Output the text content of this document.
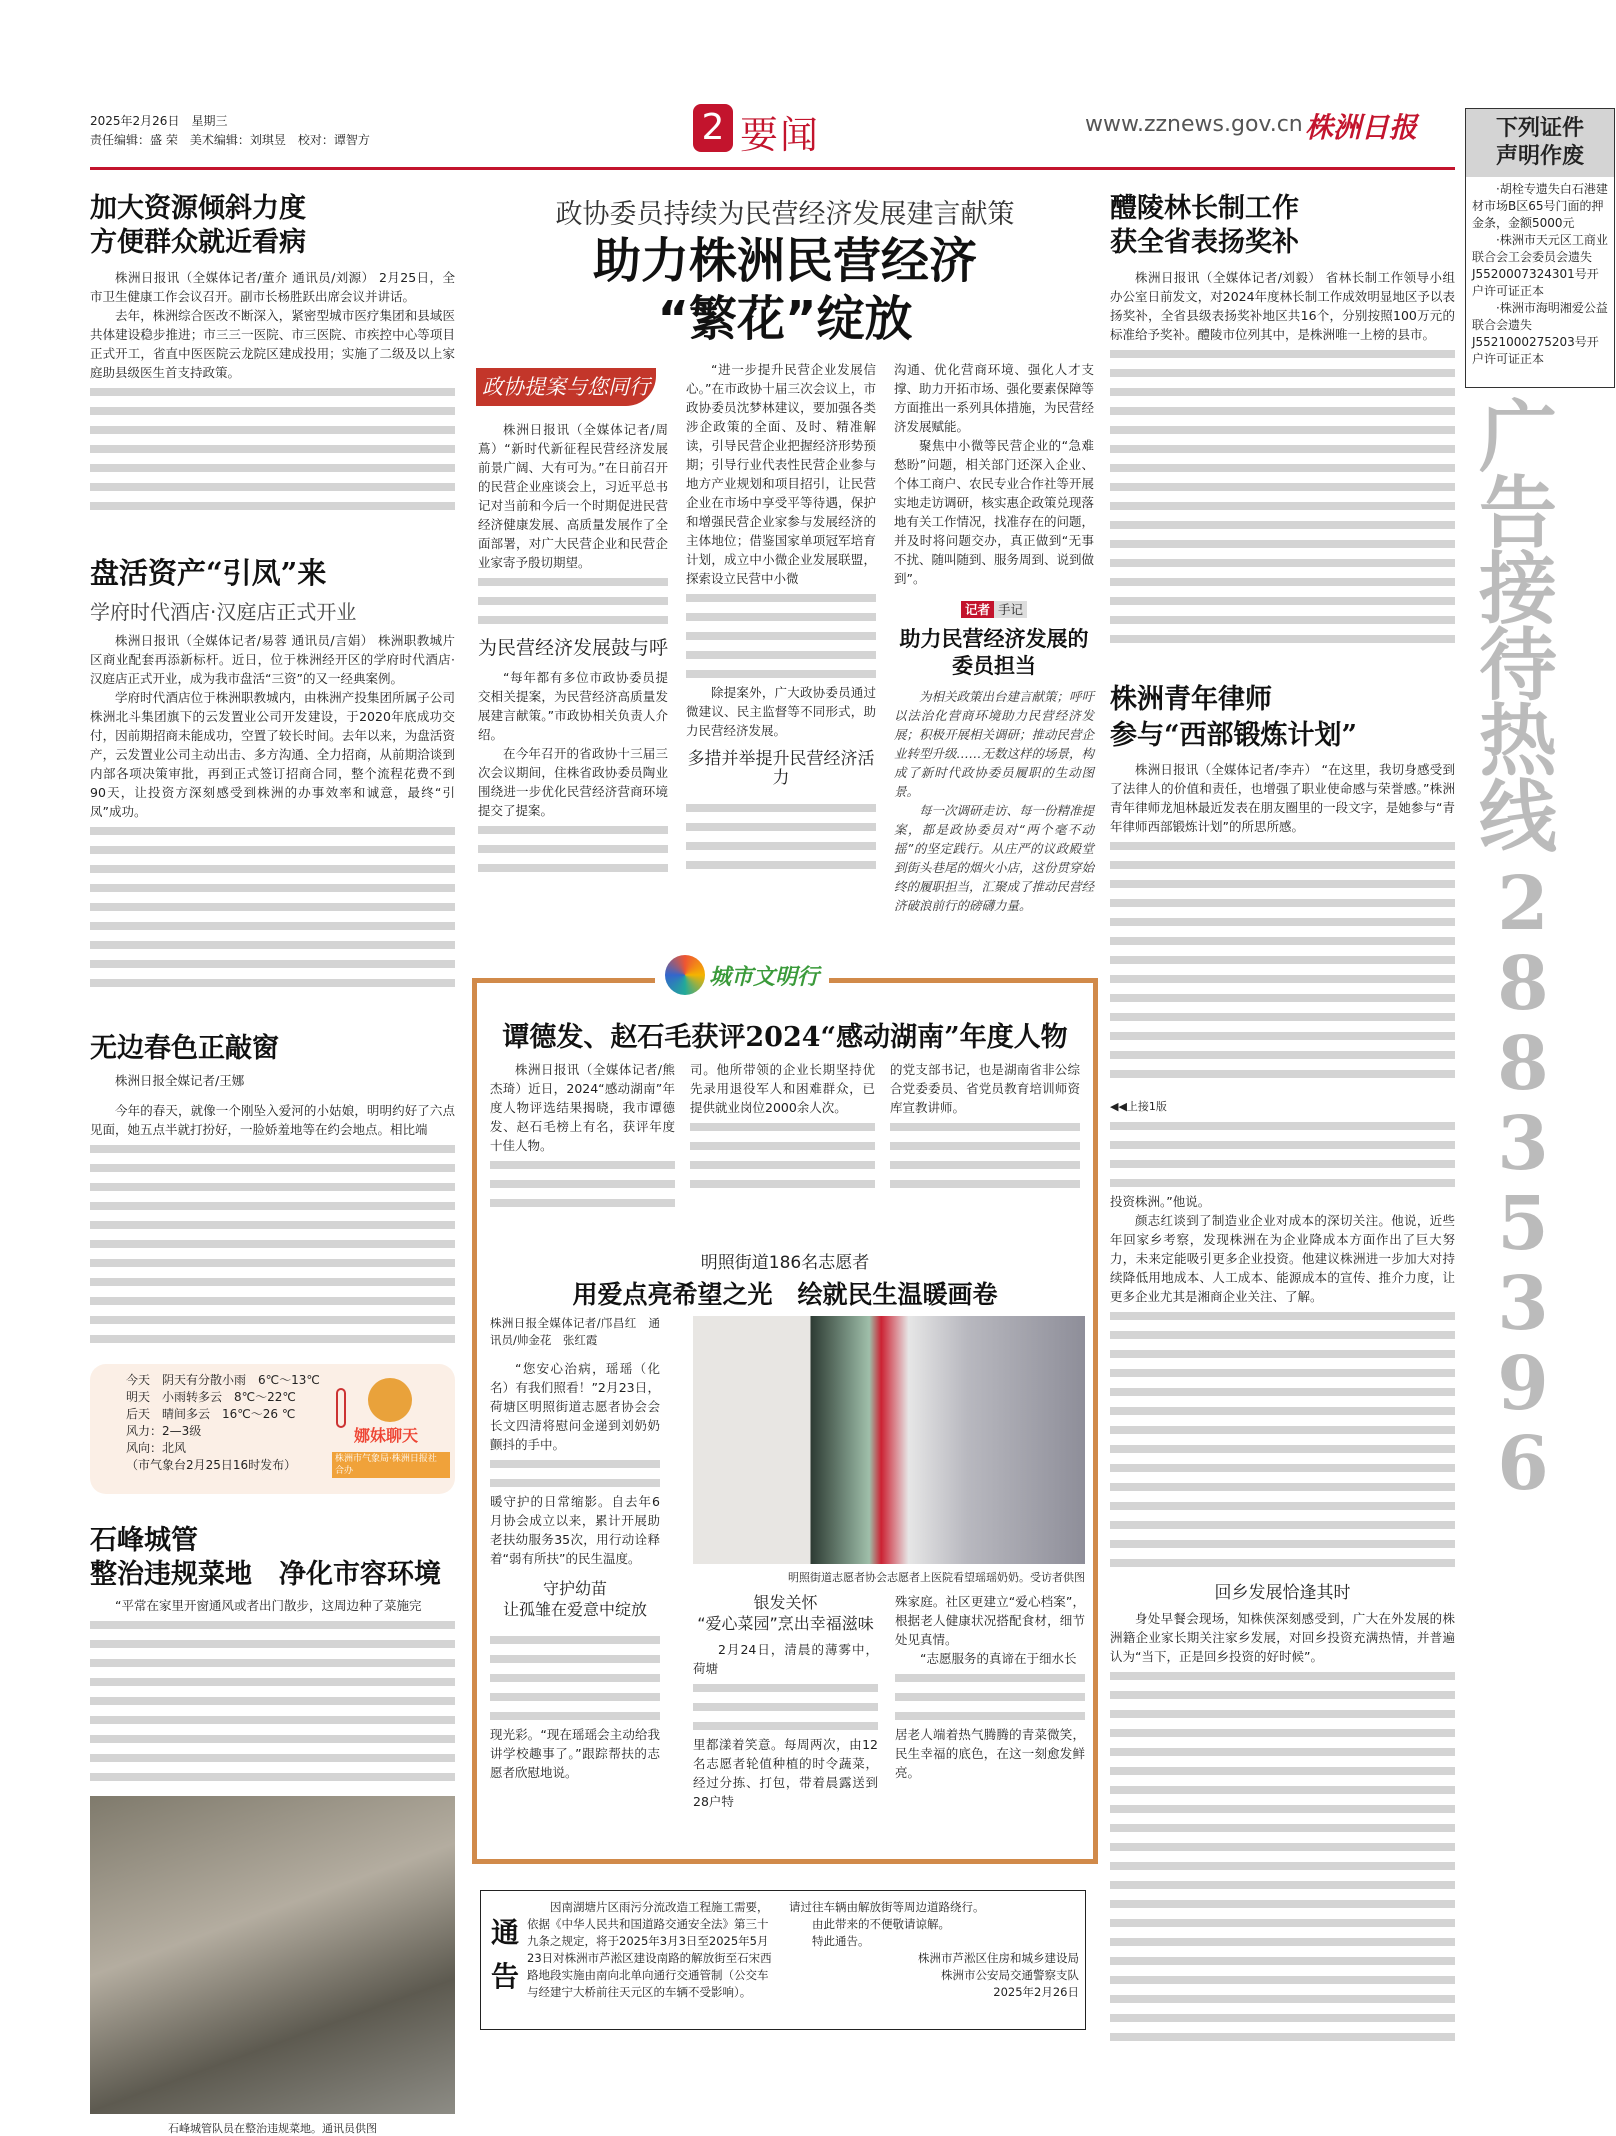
2025年2月26日　星期三
责任编辑：盛 荣　美术编辑：刘琪昱　校对：谭智方	2 要闻	www.zznews.gov.cn 株洲日报	下列证件
声明作废
·胡栓专遗失白石港建材市场B区65号门面的押金条，金额5000元
·株洲市天元区工商业联合会工会委员会遗失J5520007324301号开户许可证正本
·株洲市海明湘爱公益联合会遗失J5521000275203号开户许可证正本
广告接待热线
28835396
加大资源倾斜力度
方便群众就近看病

株洲日报讯（全媒体记者/董介 通讯员/刘源） 2月25日，全市卫生健康工作会议召开。副市长杨胜跃出席会议并讲话。

去年，株洲综合医改不断深入，紧密型城市医疗集团和县域医共体建设稳步推进；市三三一医院、市三医院、市疾控中心等项目正式开工，省直中医医院云龙院区建成投用；实施了二级及以上家庭助县级医生首支持政策。

盘活资产“引凤”来
学府时代酒店·汉庭店正式开业

株洲日报讯（全媒体记者/易蓉 通讯员/言娟） 株洲职教城片区商业配套再添新标杆。近日，位于株洲经开区的学府时代酒店·汉庭店正式开业，成为我市盘活“三资”的又一经典案例。

学府时代酒店位于株洲职教城内，由株洲产投集团所属子公司株洲北斗集团旗下的云发置业公司开发建设，于2020年底成功交付，因前期招商未能成功，空置了较长时间。去年以来，为盘活资产，云发置业公司主动出击、多方沟通、全力招商，从前期洽谈到内部各项决策审批，再到正式签订招商合同，整个流程花费不到90天，让投资方深刻感受到株洲的办事效率和诚意，最终“引凤”成功。

无边春色正敲窗
株洲日报全媒记者/王娜

今年的春天，就像一个刚坠入爱河的小姑娘，明明约好了六点见面，她五点半就打扮好，一脸娇羞地等在约会地点。相比端

今天　阴天有分散小雨　6℃～13℃
明天　小雨转多云　8℃～22℃
后天　晴间多云　16℃～26 ℃
风力：2—3级
风向：北风
（市气象台2月25日16时发布）
娜妹聊天
株洲市气象局·株洲日报社 合办
石峰城管
整治违规菜地　净化市容环境

“平常在家里开窗通风或者出门散步，这周边种了菜施完

石峰城管队员在整治违规菜地。通讯员供图
政协委员持续为民营经济发展建言献策
助力株洲民营经济
“繁花”绽放
政协提案与您同行

株洲日报讯（全媒体记者/周蔦）“新时代新征程民营经济发展前景广阔、大有可为。”在日前召开的民营企业座谈会上，习近平总书记对当前和今后一个时期促进民营经济健康发展、高质量发展作了全面部署，对广大民营企业和民营企业家寄予殷切期望。

为民营经济发展鼓与呼

“每年都有多位市政协委员提交相关提案，为民营经济高质量发展建言献策。”市政协相关负责人介绍。

在今年召开的省政协十三届三次会议期间，住株省政协委员陶业围绕进一步优化民营经济营商环境提交了提案。

“进一步提升民营企业发展信心。”在市政协十届三次会议上，市政协委员沈梦林建议，要加强各类涉企政策的全面、及时、精准解读，引导民营企业把握经济形势预期；引导行业代表性民营企业参与地方产业规划和项目招引，让民营企业在市场中享受平等待遇，保护和增强民营企业家参与发展经济的主体地位；借鉴国家单项冠军培育计划，成立中小微企业发展联盟，探索设立民营中小微

除提案外，广大政协委员通过微建议、民主监督等不同形式，助力民营经济发展。

多措并举提升民营经济活力

沟通、优化营商环境、强化人才支撑、助力开拓市场、强化要素保障等方面推出一系列具体措施，为民营经济发展赋能。

聚焦中小微等民营企业的“急难愁盼”问题，相关部门还深入企业、个体工商户、农民专业合作社等开展实地走访调研，核实惠企政策兑现落地有关工作情况，找准存在的问题，并及时将问题交办，真正做到“无事不扰、随叫随到、服务周到、说到做到”。

记者 手记
助力民营经济发展的委员担当

为相关政策出台建言献策；呼吁以法治化营商环境助力民营经济发展；积极开展相关调研；推动民营企业转型升级……无数这样的场景，构成了新时代政协委员履职的生动图景。

每一次调研走访、每一份精准提案，都是政协委员对“两个毫不动摇”的坚定践行。从庄严的议政殿堂到街头巷尾的烟火小店，这份贯穿始终的履职担当，汇聚成了推动民营经济破浪前行的磅礴力量。

城市文明行
谭德发、赵石毛获评2024“感动湖南”年度人物

株洲日报讯（全媒体记者/熊杰琦）近日，2024“感动湖南”年度人物评选结果揭晓，我市谭德发、赵石毛榜上有名，获评年度十佳人物。

司。他所带领的企业长期坚持优先录用退役军人和困难群众，已提供就业岗位2000余人次。

的党支部书记，也是湖南省非公综合党委委员、省党员教育培训师资库宣教讲师。

明照街道186名志愿者
用爱点亮希望之光　绘就民生温暖画卷
株洲日报全媒体记者/邝昌红　通讯员/帅金花　张红霞

“您安心治病，瑶瑶（化名）有我们照看！”2月23日，荷塘区明照街道志愿者协会会长文四清将慰问金递到刘奶奶颤抖的手中。

暖守护的日常缩影。自去年6月协会成立以来，累计开展助老扶幼服务35次，用行动诠释着“弱有所扶”的民生温度。

守护幼苗
让孤雏在爱意中绽放

现光彩。“现在瑶瑶会主动给我讲学校趣事了。”跟踪帮扶的志愿者欣慰地说。

明照街道志愿者协会志愿者上医院看望瑶瑶奶奶。受访者供图
银发关怀
“爱心菜园”烹出幸福滋味

2月24日，清晨的薄雾中，荷塘

里都漾着笑意。每周两次，由12名志愿者轮值种植的时令蔬菜，经过分拣、打包，带着晨露送到28户特

殊家庭。社区更建立“爱心档案”，根据老人健康状况搭配食材，细节处见真情。

“志愿服务的真谛在于细水长

居老人端着热气腾腾的青菜微笑，民生幸福的底色，在这一刻愈发鲜亮。

通
告
因南湖塘片区雨污分流改造工程施工需要，依据《中华人民共和国道路交通安全法》第三十九条之规定，将于2025年3月3日至2025年5月23日对株洲市芦淞区建设南路的解放街至石宋西路地段实施由南向北单向通行交通管制（公交车与经建宁大桥前往天元区的车辆不受影响）。
请过往车辆由解放街等周边道路绕行。
由此带来的不便敬请谅解。
特此通告。
株洲市芦淞区住房和城乡建设局
株洲市公安局交通警察支队
2025年2月26日
醴陵林长制工作
获全省表扬奖补

株洲日报讯（全媒体记者/刘毅） 省林长制工作领导小组办公室日前发文，对2024年度林长制工作成效明显地区予以表扬奖补，全省县级表扬奖补地区共16个，分别按照100万元的标准给予奖补。醴陵市位列其中，是株洲唯一上榜的县市。

株洲青年律师
参与“西部锻炼计划”

株洲日报讯（全媒体记者/李卉） “在这里，我切身感受到了法律人的价值和责任，也增强了职业使命感与荣誉感。”株洲青年律师龙旭林最近发表在朋友圈里的一段文字，是她参与“青年律师西部锻炼计划”的所思所感。

◀◀上接1版

投资株洲。”他说。

颜志红谈到了制造业企业对成本的深切关注。他说，近些年回家乡考察，发现株洲在为企业降成本方面作出了巨大努力，未来定能吸引更多企业投资。他建议株洲进一步加大对持续降低用地成本、人工成本、能源成本的宣传、推介力度，让更多企业尤其是湘商企业关注、了解。

回乡发展恰逢其时

身处早餐会现场，知株侠深刻感受到，广大在外发展的株洲籍企业家长期关注家乡发展，对回乡投资充满热情，并普遍认为“当下，正是回乡投资的好时候”。
